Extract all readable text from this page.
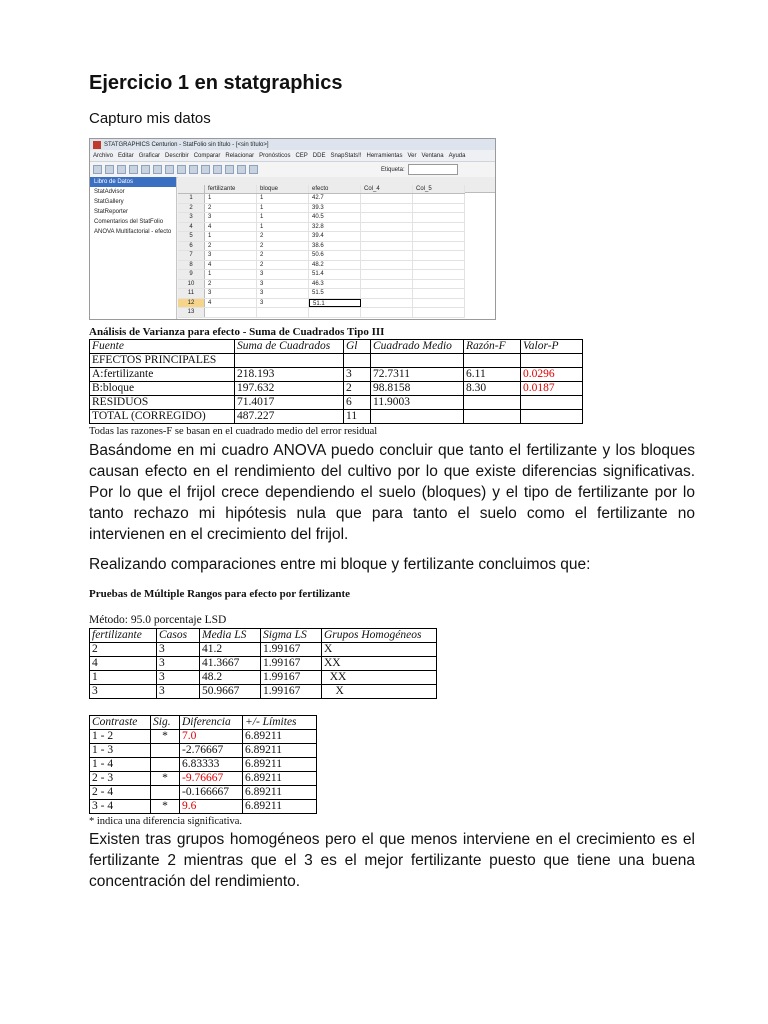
Ejercicio 1 en statgraphics
Capturo mis datos
STATGRAPHICS Centurion - StatFolio sin título - [<sin título>]
Archivo Editar Graficar Describir Comparar Relacionar Pronósticos CEP DDE SnapStats!! Herramientas Ver Ventana Ayuda
Etiqueta:
Libro de Datos
StatAdvisor
StatGallery
StatReporter
Comentarios del StatFolio
ANOVA Multifactorial - efecto
fertilizante	bloque	efecto	Col_4	Col_5
1	1	1	42.7
2	2	1	39.3
3	3	1	40.5
4	4	1	32.8
5	1	2	39.4
6	2	2	38.6
7	3	2	50.6
8	4	2	48.2
9	1	3	51.4
10	2	3	46.3
11	3	3	51.5
12	4	3	51.1
13
Análisis de Varianza para efecto - Suma de Cuadrados Tipo III
Fuente	Suma de Cuadrados	Gl	Cuadrado Medio	Razón-F	Valor-P
EFECTOS PRINCIPALES					
A:fertilizante	218.193	3	72.7311	6.11	0.0296
B:bloque	197.632	2	98.8158	8.30	0.0187
RESIDUOS	71.4017	6	11.9003		
TOTAL (CORREGIDO)	487.227	11			
Todas las razones-F se basan en el cuadrado medio del error residual
Basándome en mi cuadro ANOVA puedo concluir que tanto el fertilizante y los bloques causan efecto en el rendimiento del cultivo por lo que existe diferencias significativas. Por lo que el frijol crece dependiendo el suelo (bloques) y el tipo de fertilizante por lo tanto rechazo mi hipótesis nula que para tanto el suelo como el fertilizante no intervienen en el crecimiento del frijol.
Realizando comparaciones entre mi bloque y fertilizante concluimos que:
Pruebas de Múltiple Rangos para efecto por fertilizante
Método: 95.0 porcentaje LSD
fertilizante	Casos	Media LS	Sigma LS	Grupos Homogéneos
2	3	41.2	1.99167	X
4	3	41.3667	1.99167	XX
1	3	48.2	1.99167	XX
3	3	50.9667	1.99167	X
Contraste	Sig.	Diferencia	+/- Límites
1 - 2	*	7.0	6.89211
1 - 3		-2.76667	6.89211
1 - 4		6.83333	6.89211
2 - 3	*	-9.76667	6.89211
2 - 4		-0.166667	6.89211
3 - 4	*	9.6	6.89211
* indica una diferencia significativa.
Existen tras grupos homogéneos pero el que menos interviene en el crecimiento es el fertilizante 2 mientras que el 3 es el mejor fertilizante puesto que tiene una buena concentración del rendimiento.
